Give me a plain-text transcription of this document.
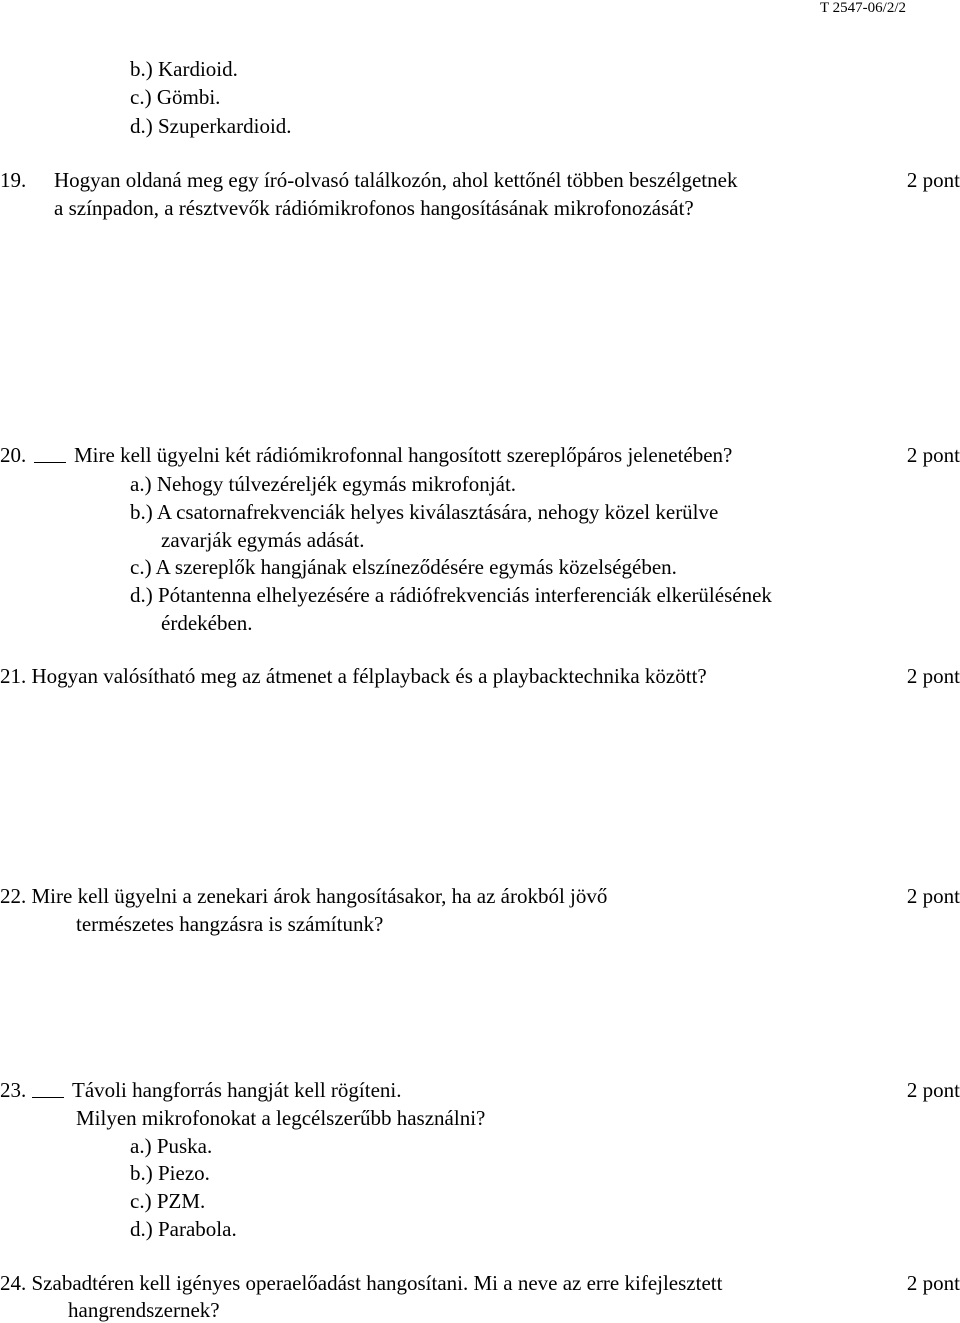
T 2547-06/2/2
b.) Kardioid.
c.) Gömbi.
d.) Szuperkardioid.
19. Hogyan oldaná meg egy író-olvasó találkozón, ahol kettőnél többen beszélgetnek
a színpadon, a résztvevők rádiómikrofonos hangosításának mikrofonozását?
2 pont
20. Mire kell ügyelni két rádiómikrofonnal hangosított szereplőpáros jelenetében?	2 pont
a.) Nehogy túlvezéreljék egymás mikrofonját.
b.) A csatornafrekvenciák helyes kiválasztására, nehogy közel kerülve
zavarják egymás adását.
c.) A szereplők hangjának elszíneződésére egymás közelségében.
d.) Pótantenna elhelyezésére a rádiófrekvenciás interferenciák elkerülésének
érdekében.
21. Hogyan valósítható meg az átmenet a félplayback és a playbacktechnika között?	2 pont
22. Mire kell ügyelni a zenekari árok hangosításakor, ha az árokból jövő
természetes hangzásra is számítunk?
2 pont
23. Távoli hangforrás hangját kell rögíteni.
Milyen mikrofonokat a legcélszerűbb használni?
2 pont
a.) Puska.
b.) Piezo.
c.) PZM.
d.) Parabola.
24. Szabadtéren kell igényes operaelőadást hangosítani. Mi a neve az erre kifejlesztett
hangrendszernek?
2 pont
